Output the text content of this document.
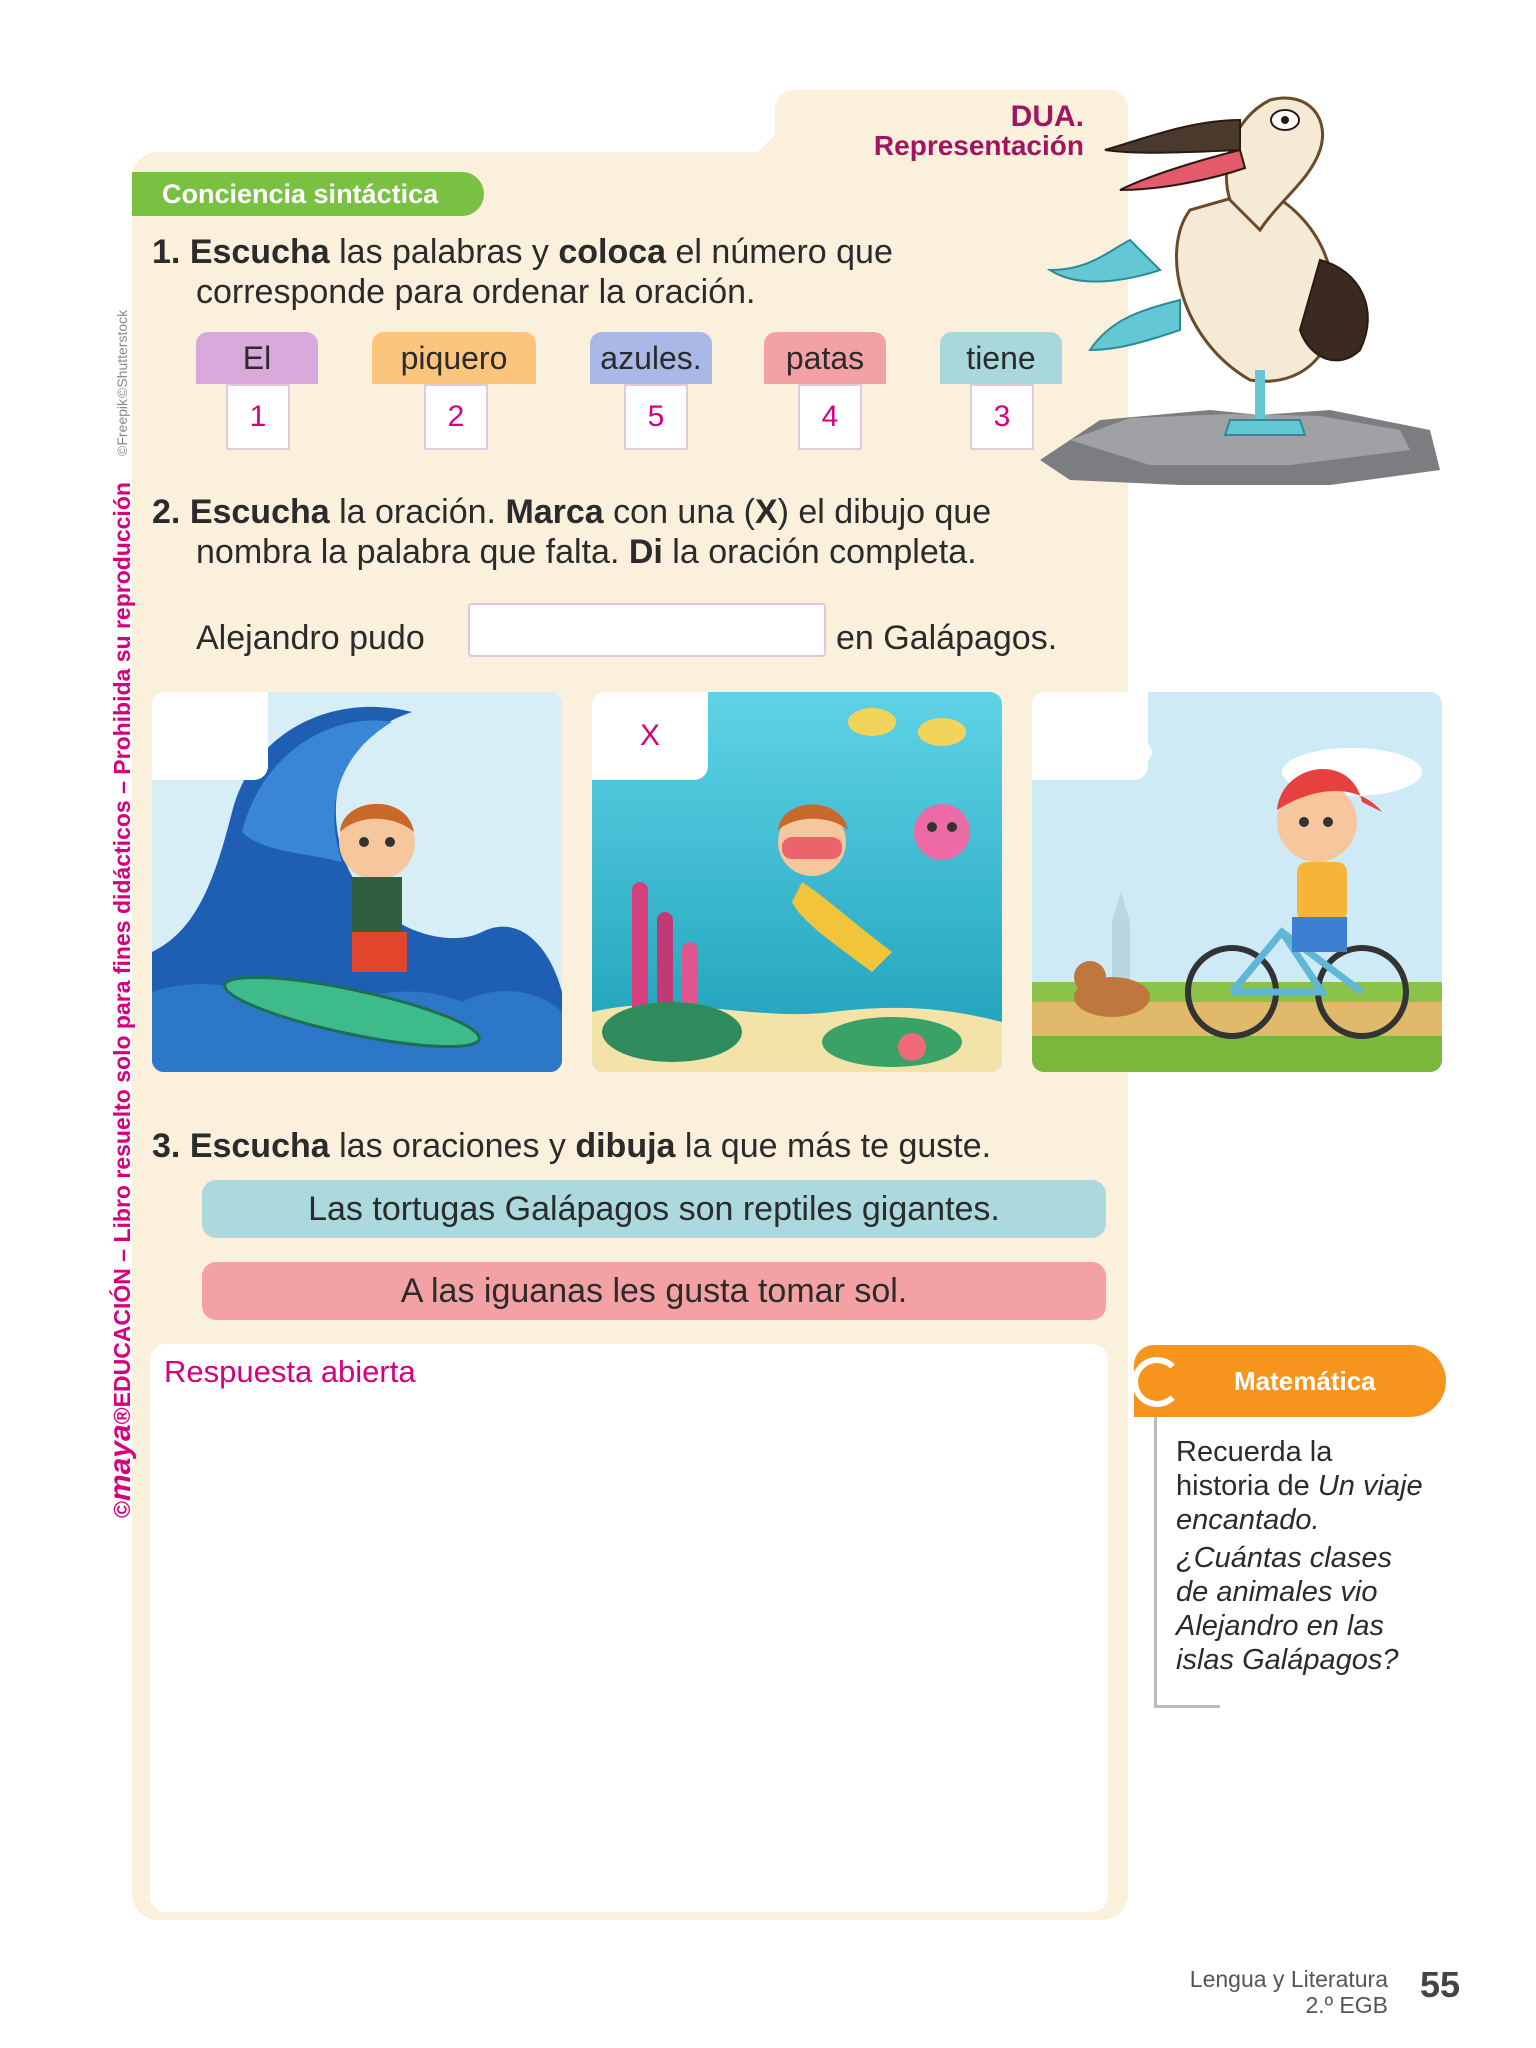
DUA.
Representación
Conciencia sintáctica
1. Escucha las palabras y coloca el número que
corresponde para ordenar la oración.
El
1
piquero
2
azules.
5
patas
4
tiene
3
2. Escucha la oración. Marca con una (X) el dibujo que
nombra la palabra que falta. Di la oración completa.
Alejandro pudo	en Galápagos.
X
3. Escucha las oraciones y dibuja la que más te guste.
Las tortugas Galápagos son reptiles gigantes.
A las iguanas les gusta tomar sol.
Respuesta abierta	Matemática
Recuerda la
historia de Un viaje
encantado.
¿Cuántas clases
de animales vio
Alejandro en las
islas Galápagos?
©maya®EDUCACIÓN – Libro resuelto solo para fines didácticos – Prohibida su reproducción
©Freepik
©Shutterstock
Lengua y Literatura
2.º EGB 55
